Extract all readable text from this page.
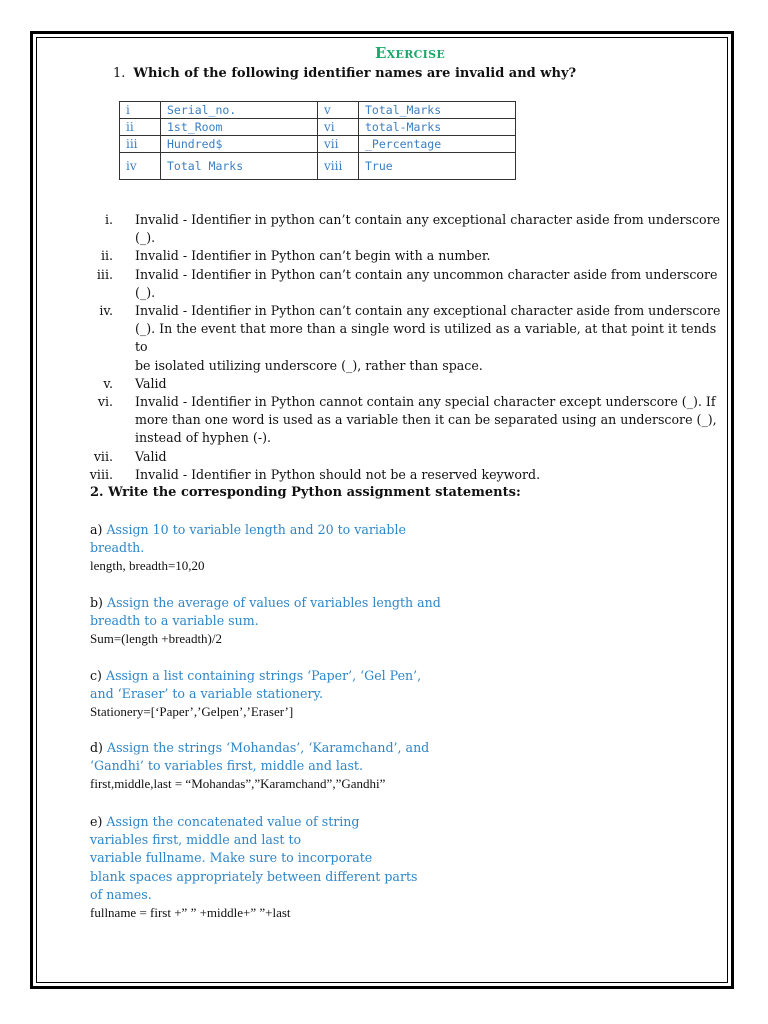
Exercise
1. Which of the following identifier names are invalid and why?
i	Serial_no.	v	Total_Marks
ii	1st_Room	vi	total-Marks
iii	Hundred$	vii	_Percentage
iv	Total Marks	viii	True
i.	Invalid - Identifier in python can’t contain any exceptional character aside from underscore
(_).
ii.	Invalid - Identifier in Python can’t begin with a number.
iii.	Invalid - Identifier in Python can’t contain any uncommon character aside from underscore
(_).
iv.	Invalid - Identifier in Python can’t contain any exceptional character aside from underscore
(_). In the event that more than a single word is utilized as a variable, at that point it tends to
be isolated utilizing underscore (_), rather than space.
v.	Valid
vi.	Invalid - Identifier in Python cannot contain any special character except underscore (_). If
more than one word is used as a variable then it can be separated using an underscore (_),
instead of hyphen (-).
vii.	Valid
viii.	Invalid - Identifier in Python should not be a reserved keyword.
2. Write the corresponding Python assignment statements:
a) Assign 10 to variable length and 20 to variable
breadth.
length, breadth=10,20
b) Assign the average of values of variables length and
breadth to a variable sum.
Sum=(length +breadth)/2
c) Assign a list containing strings ‘Paper’, ‘Gel Pen’,
and ‘Eraser’ to a variable stationery.
Stationery=[‘Paper’,’Gelpen’,’Eraser’]
d) Assign the strings ‘Mohandas’, ‘Karamchand’, and
‘Gandhi’ to variables first, middle and last.
first,middle,last = “Mohandas”,”Karamchand”,”Gandhi”
e) Assign the concatenated value of string
variables first, middle and last to
variable fullname. Make sure to incorporate
blank spaces appropriately between different parts
of names.
fullname = first +” ” +middle+” ”+last
